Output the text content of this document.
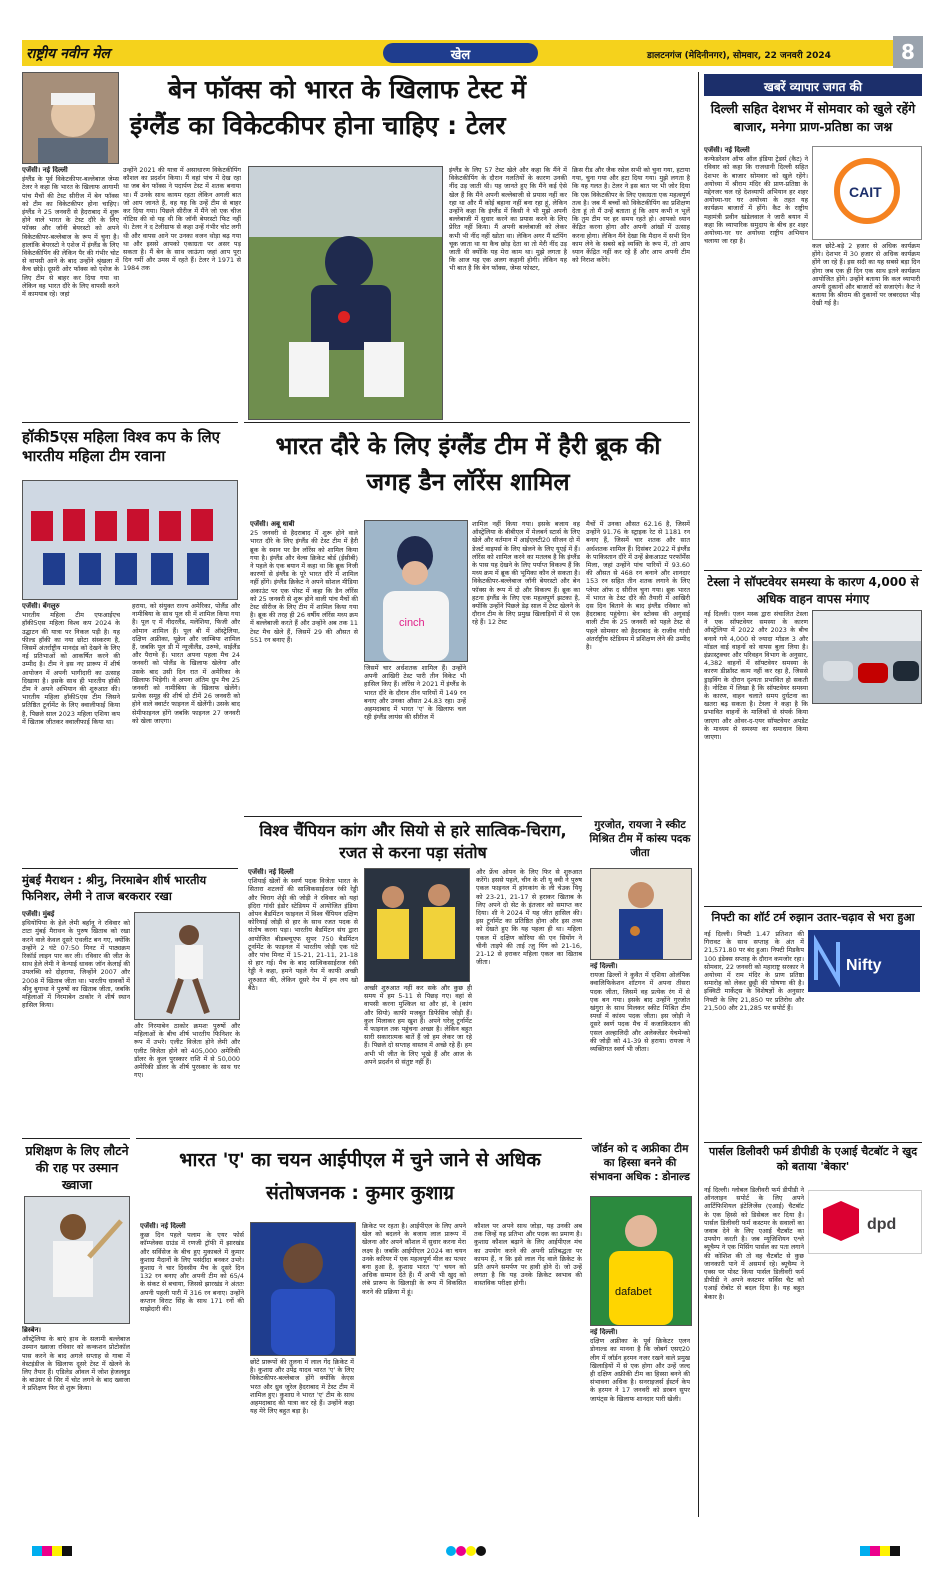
राष्ट्रीय नवीन मेल	खेल	डालटनगंज (मेदिनीनगर), सोमवार, 22 जनवरी 2024	8
बेन फॉक्स को भारत के खिलाफ टेस्ट में
इंग्लैंड का विकेटकीपर होना चाहिए : टेलर
एजेंसी। नई दिल्ली
इंग्लैंड के पूर्व विकेटकीपर-बल्लेबाज जेम्स टेलर ने कहा कि भारत के खिलाफ आगामी पांच मैचों की टेस्ट सीरीज में बेन फॉक्स को टीम का विकेटकीपर होना चाहिए। इंग्लैंड ने 25 जनवरी से हैदराबाद में शुरू होने वाले भारत के टेस्ट दौरे के लिए फॉक्स और जॉनी बेयरस्टो को अपने विकेटकीपर-बल्लेबाज के रूप में चुना है। हालांकि बेयरस्टो ने एशेज में इंग्लैंड के लिए विकेटकीपिंग की लेकिन पैर की गंभीर चोट से वापसी आने के बाद उन्होंने श्रृंखला में कैच छोड़े। दूसरी ओर फॉक्स को एशेज के लिए टीम से बाहर कर दिया गया था लेकिन वह भारत दौरे के लिए वापसी करने में कामयाब रहे। जहां
उन्होंने 2021 की यात्रा में असाधारण विकेटकीपिंग कौशल का प्रदर्शन किया। मैं वहां पांच में देख रहा था जब बेन फॉक्स ने पदार्पण टेस्ट में शतक बनाया था। मैं उनके साथ कायम रहता लेकिन अगली बात जो आप जानते हैं, वह यह कि उन्हें टीम से बाहर कर दिया गया। पिछले सीरीज में मैंने जो एक चीज नोटिस की वो यह थी कि जॉनी बेयरस्टो फिट नहीं थे। टेलर ने द टेलीग्राफ से कहा उन्हें गंभीर चोट लगी थी और वापस आने पर उनका वजन थोड़ा बढ़ गया था और इससे आपको एकाग्रता पर असर पड़ सकता है। मैं बेन के साथ जाऊंगा जहां आप पूरा दिन गर्मी और उमस में रहते हैं। टेलर ने 1971 से 1984 तक
इंग्लैंड के लिए 57 टेस्ट खेले और कहा कि मैंने में विकेटकीपिंग के दौरान गलतियों के कारण उनकी नींद उड़ जाती थी। यह जानते हुए कि मैंने कई ऐसे खेल हैं कि मैंने अपनी बल्लेबाजी से प्रयास नहीं कर रहा था और मैं कोई बहाना नहीं बना रहा हूं, लेकिन उन्होंने कहा कि इंग्लैंड में किसी ने भी मुझे अपनी बल्लेबाजी में सुधार करने का प्रयास करने के लिए प्रेरित नहीं किया। मैं अपनी बल्लेबाजी को लेकर कभी भी नींद नहीं खोता था। लेकिन अगर मैं स्टंपिंग चूक जाता था या कैच छोड़ देता था तो मेरी नींद उड़ जाती थी क्योंकि यह मेरा काम था। मुझे लगता है कि आज यह एक अलग कहानी होगी। लेकिन यह भी बात है कि बेन फॉक्स, जेम्स फोस्टर,
क्रिस रीड और जैक रसेल सभी को चुना गया, हटाया गया, चुना गया और हटा दिया गया। मुझे लगता है कि यह गलत है। टेलर ने इस बात पर भी जोर दिया कि एक विकेटकीपर के लिए एकाग्रता एक महत्वपूर्ण तत्व है। जब मैं बच्चों को विकेटकीपिंग का प्रशिक्षण देता हूं तो मैं उन्हें बताता हूं कि आप कभी न भूलें कि तुम टीम पर हर समय रहते हो। आपको ध्यान केंद्रित करना होगा और अपनी आंखों में उत्साह करना होगा। लेकिन मैंने देखा कि मैदान में सभी दिन काम लेने के सबसे बड़े व्यक्ति के रूप में, तो आप ध्यान केंद्रित नहीं कर रहे हैं और आप अपनी टीम को निराश करेंगे।
हॉकी5एस महिला विश्व कप के लिए भारतीय महिला टीम रवाना
एजेंसी। बेंगलुरु
भारतीय महिला टीम एफआईएच हॉकी5एस महिला विश्व कप 2024 के उद्घाटन की यात्रा पर निकल पड़ी है। यह फील्ड हॉकी का नया छोटा संस्करण है, जिसमें अंतर्राष्ट्रीय मानदंड को देखने के लिए नई प्रतिभाओं को आकर्षित करने की उम्मीद है। टीम ने इस नए प्रारूप में शीर्ष आयोजन में अपनी भागीदारी का उत्साह दिखाया है। इसके साथ ही भारतीय हॉकी टीम ने अपने अभियान की शुरुआत की। भारतीय महिला हॉकी5एस टीम जिसने प्रतिष्ठित टूर्नामेंट के लिए क्वालीफाई किया है, पिछले साल 2023 महिला एशिया कप में खिताब जीतकर क्वालीफाई किया था।
हराया, को संयुक्त राज्य अमेरिका, पोलैंड और नामीबिया के साथ पूल सी में शामिल किया गया है। पूल ए में नीदरलैंड, मलेशिया, फिजी और ओमान शामिल हैं। पूल बी में ऑस्ट्रेलिया, दक्षिण अफ्रीका, यूक्रेन और जाम्बिया शामिल हैं, जबकि पूल डी में न्यूजीलैंड, उरुग्वे, थाईलैंड और पैराग्वे हैं। भारत अपना पहला मैच 24 जनवरी को पोलैंड के खिलाफ खेलेगा और उसके बाद उसी दिन रात में अमेरिका के खिलाफ भिड़ेगी। वे अपना अंतिम ग्रुप मैच 25 जनवरी को नामीबिया के खिलाफ खेलेंगे। प्रत्येक समूह की शीर्ष दो टीमें 26 जनवरी को होने वाले क्वार्टर फाइनल में खेलेंगी। उसके बाद सेमीफाइनल होंगे जबकि फाइनल 27 जनवरी को खेला जाएगा।
भारत दौरे के लिए इंग्लैंड टीम में हैरी ब्रूक की जगह डैन लॉरेंस शामिल
एजेंसी। अबू धाबी
25 जनवरी से हैदराबाद में शुरू होने वाले भारत दौरे के लिए इंग्लैंड की टेस्ट टीम में हैरी ब्रूक के स्थान पर डैन लॉरेंस को शामिल किया गया है। इंग्लैंड और वेल्स क्रिकेट बोर्ड (ईसीबी) ने पहले के एक बयान में कहा था कि ब्रूक निजी कारणों से इंग्लैंड के पूरे भारत दौरे में शामिल नहीं होंगे। इंग्लैंड क्रिकेट ने अपने सोशल मीडिया अकाउंट पर एक पोस्ट में कहा कि डैन लॉरेंस को 25 जनवरी से शुरू होने वाली पांच मैचों की टेस्ट सीरीज के लिए टीम में शामिल किया गया है। ब्रूक की तरह ही 26 वर्षीय लॉरेंस मध्य क्रम में बल्लेबाजी करते हैं और उन्होंने अब तक 11 टेस्ट मैच खेले हैं, जिसमें 29 की औसत से 551 रन बनाए हैं।
cinch
जिसमें चार अर्धशतक शामिल हैं। उन्होंने अपनी आखिरी टेस्ट पारी तीन विकेट भी हासिल किए हैं। लॉरेंस ने 2021 में इंग्लैंड के भारत दौरे के दौरान तीन पारियों में 149 रन बनाए और उनका औसत 24.83 रहा। उन्हें अहमदाबाद में भारत 'ए' के खिलाफ चल रही इंग्लैंड लायंस की सीरीज में
शामिल नहीं किया गया। इसके बजाय वह ऑस्ट्रेलिया के बीबीएल में मेलबर्न स्टार्स के लिए खेले और वर्तमान में आईएलटी20 सीजन दो में डेजर्ट वाइपर्स के लिए खेलने के लिए यूएई में हैं। लॉरेंस को शामिल करने का मतलब है कि इंग्लैंड के पास यह देखने के लिए पर्याप्त विकल्प हैं कि मध्य क्रम में ब्रूक की भूमिका कौन ले सकता है। विकेटकीपर-बल्लेबाज जॉनी बेयरस्टो और बेन फॉक्स के रूप में दो और विकल्प हैं। ब्रूक का हटना इंग्लैंड के लिए एक महत्वपूर्ण झटका है, क्योंकि उन्होंने पिछले डेढ़ साल में टेस्ट खेलने के दौरान टीम के लिए प्रमुख खिलाड़ियों में से एक रहे हैं। 12 टेस्ट
मैचों में उनका औसत 62.16 है, जिसमें उन्होंने 91.76 के स्ट्राइक रेट से 1181 रन बनाए हैं, जिसमें चार शतक और सात अर्धशतक शामिल हैं। दिसंबर 2022 में इंग्लैंड के पाकिस्तान दौरे में उन्हें ब्रेकआउट परफॉर्मेंस मिला, जहां उन्होंने पांच पारियों में 93.60 की औसत से 468 रन बनाने और शानदार 153 रन सहित तीन शतक लगाने के लिए प्लेयर ऑफ द सीरीज चुना गया। ब्रूक भारत में भारत के टेस्ट दौरे की तैयारी में आखिरी दस दिन बिताने के बाद इंग्लैंड रविवार को हैदराबाद पहुंचेगा। बेन स्टोक्स की अगुवाई वाली टीम के 25 जनवरी को पहले टेस्ट से पहले सोमवार को हैदराबाद के राजीव गांधी अंतर्राष्ट्रीय स्टेडियम में प्रशिक्षण लेने की उम्मीद है।
मुंबई मैराथन : श्रीनु, निरमाबेन शीर्ष भारतीय फिनिशर, लेमी ने ताज बरकरार रखा
एजेंसी। मुंबई
इथियोपिया के हेले लेमी बर्हानू ने रविवार को टाटा मुंबई मैराथन के पुरुष खिताब को रखा करने वाले केवल दूसरे एथलीट बन गए, क्योंकि उन्होंने 2 घंटे 07:50 मिनट में पाठ्यक्रम रिकॉर्ड लाइन पार कर ली। रविवार की जीत के साथ हेले लेमी ने केन्याई धावक जॉन केलाई की उपलब्धि को दोहराया, जिन्होंने 2007 और 2008 में खिताब जीता था। भारतीय धावकों में श्रीनु बुगाथा ने पुरुषों का खिताब जीता, जबकि महिलाओं में निरमाबेन ठाकोर ने शीर्ष स्थान हासिल किया।
और निरमाबेन ठाकोर क्रमशः पुरुषों और महिलाओं के बीच शीर्ष भारतीय फिनिशर के रूप में उभरे। एलीट विजेता होने लेमी और एलीट विजेता होने को 405,000 अमेरिकी डॉलर के कुल पुरस्कार राशि में से 50,000 अमेरिकी डॉलर के शीर्ष पुरस्कार के साथ घर गए।
विश्व चैंपियन कांग और सियो से हारे सात्विक-चिराग, रजत से करना पड़ा संतोष
एजेंसी। नई दिल्ली
एशियाई खेलों के स्वर्ण पदक विजेता भारत के सितारा शटलरों की सात्विकसाईराज रंकी रेड्डी और चिराग शेट्टी की जोड़ी ने रविवार को यहां इंदिरा गांधी इंडोर स्टेडियम में आयोजित इंडिया ओपन बैडमिंटन फाइनल में विश्व चैंपियन दक्षिण कोरियाई जोड़ी से हार के साथ रजत पदक से संतोष करना पड़ा। भारतीय बैडमिंटन संघ द्वारा आयोजित बीडब्ल्यूएफ सुपर 750 बैडमिंटन टूर्नामेंट के फाइनल में भारतीय जोड़ी एक घंटे और पांच मिनट में 15-21, 21-11, 21-18 से हार गई। मैच के बाद सात्विकसाईराज रंकी रेड्डी ने कहा, हमने पहले गेम में काफी अच्छी शुरुआत की, लेकिन दूसरे गेम में हम लय खो बैठे।	अच्छी शुरुआत नहीं कर सके और कुछ ही समय में हम 5-11 से पिछड़ गए। वहां से वापसी करना मुश्किल था और हां, वे (कांग और सियो) काफी मजबूत डिफेंसिव जोड़ी हैं। कुल मिलाकर हम खुश हैं। अपने घरेलू टूर्नामेंट में फाइनल तक पहुंचना अच्छा है। लेकिन बहुत सारी सकारात्मक बातें हैं जो हम लेकर जा रहे हैं। पिछले दो सप्ताह वास्तव में अच्छे रहे हैं। हम अभी भी जीत के लिए भूखे हैं और आज के अपने प्रदर्शन से संतुष्ट नहीं हैं।
और फ्रेंच ओपन के लिए फिर से शुरुआत करेंगे। इससे पहले, चीन के शी यू क्वी ने पुरुष एकल फाइनल में हांगकांग के ली चेउक यियू को 23-21, 21-17 से हराकर खिताब के लिए अपने दो सेट के इंतजार को समाप्त कर दिया। शी ने 2024 में यह जीत हासिल की। इस टूर्नामेंट का प्रतिष्ठित होना और इस तथ्य को देखते हुए कि यह पहला ही था। महिला एकल में दक्षिण कोरिया की एन सियोंग ने चीनी ताइपे की ताई त्ज़ु यिंग को 21-16, 21-12 से हराकर महिला एकल का खिताब जीता।
गुरजोत, रायजा ने स्कीट मिश्रित टीम में कांस्य पदक जीता
नई दिल्ली।
रायजा ढिल्लों ने कुवैत में एशिया ओलंपिक क्वालिफिकेशन शॉटगन में अपना तीसरा पदक जीता, जिसमें वह प्रत्येक रंग में से एक बन गया। इसके बाद उन्होंने गुरजोत खंगुरा के साथ मिलकर स्कीट मिश्रित टीम स्पर्धा में कांस्य पदक जीता। इस जोड़ी ने दूसरे स्वर्ण पदक मैच में कजाकिस्तान की एसल अल्हालिदी और अलेक्जेंडर येचमेन्को की जोड़ी को 41-39 से हराया। रायजा ने व्यक्तिगत स्वर्ण भी जीता।
प्रशिक्षण के लिए लौटने की राह पर उस्मान ख्वाजा
ब्रिस्बेन।
ऑस्ट्रेलिया के बाएं हाथ के सलामी बल्लेबाज उस्मान ख्वाजा रविवार को कन्कशन प्रोटोकॉल पास करने के बाद अगले सप्ताह से गाबा में वेस्टइंडीज के खिलाफ दूसरे टेस्ट में खेलने के लिए तैयार हैं। एडिलेड ओवल में जोश हेजलवुड के बाउंसर से सिर में चोट लगने के बाद ख्वाजा ने प्रशिक्षण फिर से शुरू किया।
भारत 'ए' का चयन आईपीएल में चुने जाने से अधिक संतोषजनक : कुमार कुशाग्र
एजेंसी। नई दिल्ली
कुछ दिन पहले पलाम के एयर फोर्स कॉम्प्लेक्स ग्राउंड में रणजी ट्रॉफी में झारखंड और सर्विसेज के बीच हुए मुकाबले में कुमार कुशाग्र मैदानों के लिए पसंदीदा बनकर उभरे। कुशाग्र ने चार दिवसीय मैच के दूसरे दिन 132 रन बनाए और अपनी टीम को 65/4 के संकट से बचाया, जिससे झारखंड ने अंततः अपनी पहली पारी में 316 रन बनाए। उन्होंने कप्तान विराट सिंह के साथ 171 रनों की साझेदारी की।
छोटे प्रारूपों की तुलना में लाल गेंद क्रिकेट में है। कुशाग्र और उपेंद्र यादव भारत 'ए' के लिए विकेटकीपर-बल्लेबाज होंगे क्योंकि केएस भरत और ध्रुव जुरेल हैदराबाद में टेस्ट टीम में शामिल हुए। कुशाग्र ने भारत 'ए' टीम के साथ अहमदाबाद की यात्रा कर रहे हैं। उन्होंने कहा यह मेरे लिए बहुत बड़ा है।
क्रिकेट पर रहता है। आईपीएल के लिए अपने खेल को बदलने के बजाय लाल प्रारूप में खेलना और अपने कौशल में सुधार करना मेरा लक्ष्य है। जबकि आईपीएल 2024 का चयन उनके करियर में एक महत्वपूर्ण मील का पत्थर बना हुआ है, कुशाग्र भारत 'ए' चयन को अधिक सम्मान देते हैं। मैं अभी भी खुद को लंबे प्रारूप के खिलाड़ी के रूप में विकसित करने की प्रक्रिया में हूं।
कौशल पर अपने साथ जोड़ा, यह उनकी अब तक जिन्हें यह प्रतिभा और पदक का प्रमाण है। कुशाग्र कौशल बढ़ाने के लिए आईपीएल मंच का उपयोग करने की अपनी प्रतिबद्धता पर कायम हैं, न कि इसे लाल गेंद वाले क्रिकेट के प्रति अपने समर्पण पर हावी होने दें। जो उन्हें लगता है कि यह उनके क्रिकेट स्वभाव की वास्तविक परीक्षा होगी।
जॉर्डन को द अफ्रीका टीम का हिस्सा बनने की संभावना अधिक : डोनाल्ड
dafabet
नई दिल्ली।
दक्षिण अफ्रीका के पूर्व क्रिकेटर एलन डोनाल्ड का मानना है कि जोबर्ग एसए20 लीग में जॉर्डन हरमन नजर रखने वाले प्रमुख खिलाड़ियों में से एक होगा और उन्हें जल्द ही दक्षिण अफ्रीकी टीम का हिस्सा बनने की संभावना अधिक है। सनराइजर्स ईस्टर्न केप के हरमन ने 17 जनवरी को डरबन सुपर जायंट्स के खिलाफ शानदार पारी खेली।
खबरें व्यापार जगत की
दिल्ली सहित देशभर में सोमवार को खुले रहेंगे बाजार, मनेगा प्राण-प्रतिष्ठा का जश्न
एजेंसी। नई दिल्ली
कन्फेडरेशन ऑफ ऑल इंडिया ट्रेडर्स (कैट) ने रविवार को कहा कि राजधानी दिल्ली सहित देशभर के बाजार सोमवार को खुले रहेंगे। अयोध्या में श्रीराम मंदिर की प्राण-प्रतिष्ठा के मद्देनजर चल रहे देशव्यापी अभियान हर शहर अयोध्या-घर घर अयोध्या के तहत यह कार्यक्रम बाजारों में होंगे। कैट के राष्ट्रीय महामंत्री प्रवीन खंडेलवाल ने जारी बयान में कहा कि व्यापारिक समुदाय के बीच हर शहर अयोध्या-घर घर अयोध्या राष्ट्रीय अभियान चलाया जा रहा है।
CAIT
कल छोटे-बड़े 2 हजार से अधिक कार्यक्रम होंगे। देशभर में 30 हजार से अधिक कार्यक्रम होंगे जा रहे हैं। इस सदी का यह सबसे बड़ा दिन होगा जब एक ही दिन एक साथ इतने कार्यक्रम आयोजित होंगे। उन्होंने बताया कि कल व्यापारी अपनी दुकानों और बाजारों को सजाएंगे। कैट ने बताया कि श्रीराम की दुकानों पर जबरदस्त भीड़ देखी गई है।
टेस्ला ने सॉफ्टवेयर समस्या के कारण 4,000 से अधिक वाहन वापस मंगाए
नई दिल्ली। एलन मस्क द्वारा संचालित टेस्ला ने एक सॉफ्टवेयर समस्या के कारण ऑस्ट्रेलिया में 2022 और 2023 के बीच बनाये गये 4,000 से ज्यादा मॉडल 3 और मॉडल वाई वाहनों को वापस बुला लिया है। इंफ्रास्ट्रक्चर और परिवहन विभाग के अनुसार, 4,382 वाहनों में सॉफ्टवेयर समस्या के कारण डीफ्रॉस्ट काम नहीं कर रहा है, जिससे ड्राइविंग के दौरान दृश्यता प्रभावित हो सकती है। नोटिस में लिखा है कि सॉफ्टवेयर समस्या के कारण, वाहन चलाते समय दुर्घटना का खतरा बढ़ सकता है। टेस्ला ने कहा है कि प्रभावित वाहनों के मालिकों से संपर्क किया जाएगा और ओवर-द-एयर सॉफ्टवेयर अपडेट के माध्यम से समस्या का समाधान किया जाएगा।
निफ्टी का शॉर्ट टर्म रुझान उतार-चढ़ाव से भरा हुआ
नई दिल्ली। निफ्टी 1.47 प्रतिशत की गिरावट के साथ सप्ताह के अंत में 21,571.80 पर बंद हुआ। निफ्टी मिडकैप 100 इंडेक्स सप्ताह के दौरान कमजोर रहा। सोमवार, 22 जनवरी को महाराष्ट्र सरकार ने अयोध्या में राम मंदिर के प्राण प्रतिष्ठा समारोह को लेकर छुट्टी की घोषणा की है। इक्विटी मार्केट्स के विशेषज्ञों के अनुसार निफ्टी के लिए 21,850 पर प्रतिरोध और 21,500 और 21,285 पर सपोर्ट हैं।
Nifty
पार्सल डिलीवरी फर्म डीपीडी के एआई चैटबॉट ने खुद को बताया 'बेकार'
नई दिल्ली। ग्लोबल डिलीवरी फर्म डीपीडी ने ऑनलाइन सपोर्ट के लिए अपने आर्टिफिशियल इंटेलिजेंस (एआई) चैटबॉट के एक हिस्से को डिसेबल कर दिया है। पार्सल डिलीवरी फर्म कस्टमर के सवालों का जवाब देने के लिए एआई चैटबॉट का उपयोग करती है। जब म्यूजिशियन एश्ले ब्यूचैम्प ने एक मिसिंग पार्सल का पता लगाने की कोशिश की तो वह चैटबॉट से कुछ जानकारी पाने में असमर्थ रहे। ब्यूचैम्प ने एक्स पर पोस्ट किया पार्सल डिलीवरी फर्म डीपीडी ने अपने कस्टमर सर्विस चैट को एआई रोबोट से बदल दिया है। यह बहुत बेकार है।
dpd
